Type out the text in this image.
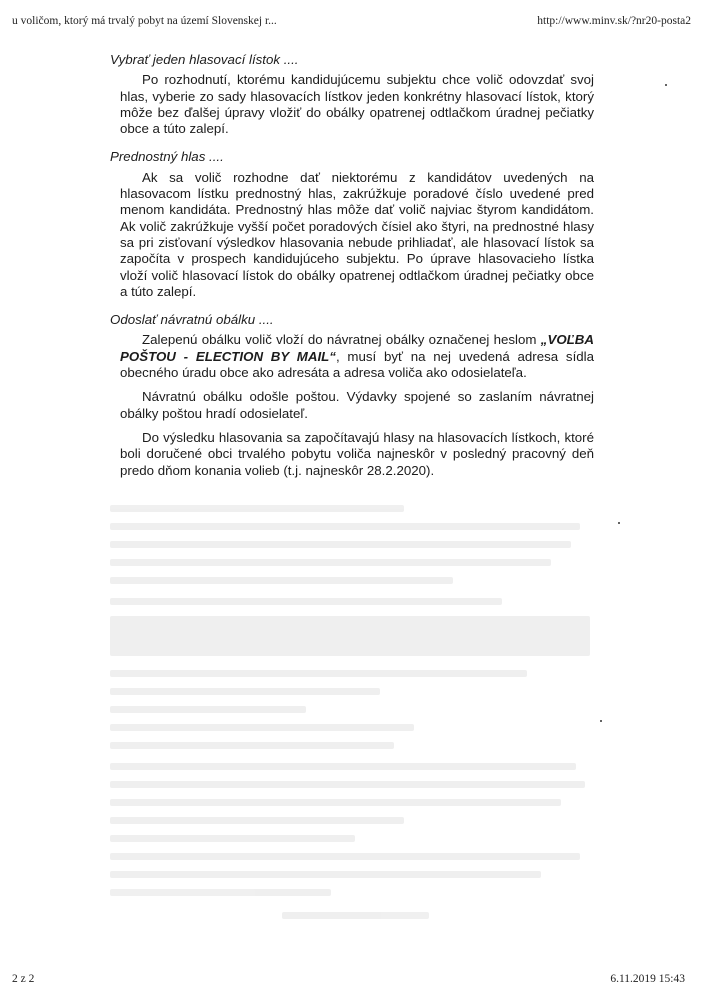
u voličom, ktorý má trvalý pobyt na území Slovenskej r...	http://www.minv.sk/?nr20-posta2
Vybrať jeden hlasovací lístok ....

Po rozhodnutí, ktorému kandidujúcemu subjektu chce volič odovzdať svoj hlas, vyberie zo sady hlasovacích lístkov jeden konkrétny hlasovací lístok, ktorý môže bez ďalšej úpravy vložiť do obálky opatrenej odtlačkom úradnej pečiatky obce a túto zalepí.

Prednostný hlas ....

Ak sa volič rozhodne dať niektorému z kandidátov uvedených na hlasovacom lístku prednostný hlas, zakrúžkuje poradové číslo uvedené pred menom kandidáta. Prednostný hlas môže dať volič najviac štyrom kandidátom. Ak volič zakrúžkuje vyšší počet poradových čísiel ako štyri, na prednostné hlasy sa pri zisťovaní výsledkov hlasovania nebude prihliadať, ale hlasovací lístok sa započíta v prospech kandidujúceho subjektu. Po úprave hlasovacieho lístka vloží volič hlasovací lístok do obálky opatrenej odtlačkom úradnej pečiatky obce a túto zalepí.

Odoslať návratnú obálku ....

Zalepenú obálku volič vloží do návratnej obálky označenej heslom „VOĽBA POŠTOU - ELECTION BY MAIL“, musí byť na nej uvedená adresa sídla obecného úradu obce ako adresáta a adresa voliča ako odosielateľa.

Návratnú obálku odošle poštou. Výdavky spojené so zaslaním návratnej obálky poštou hradí odosielateľ.

Do výsledku hlasovania sa započítavajú hlasy na hlasovacích lístkoch, ktoré boli doručené obci trvalého pobytu voliča najneskôr v posledný pracovný deň predo dňom konania volieb (t.j. najneskôr 28.2.2020).

2 z 2	6.11.2019 15:43
